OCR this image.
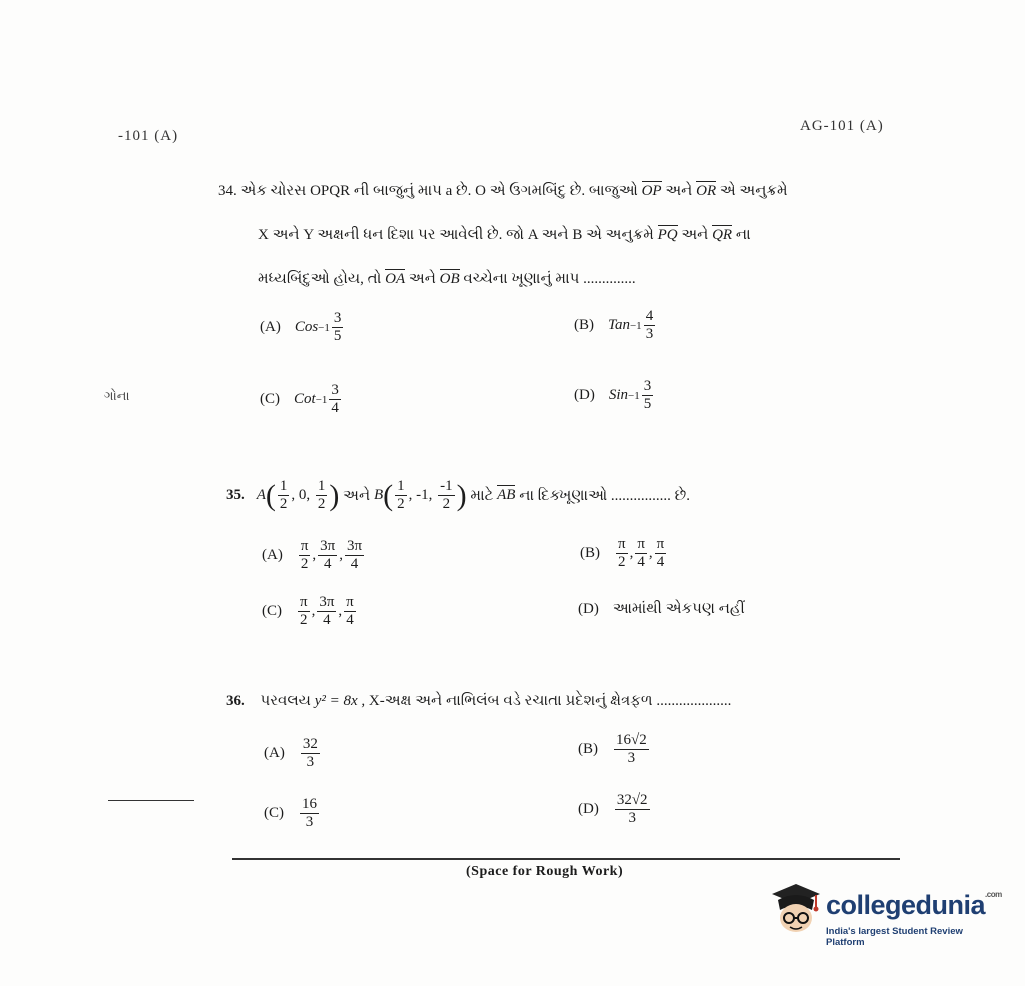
-101 (A)
AG-101 (A)
ગોના
34. એક ચોરસ OPQR ની બાજુનું માપ a છે. O એ ઉગમબિંદુ છે. બાજુઓ OP અને OR એ અનુક્રમે
X અને Y અક્ષની ધન દિશા પર આવેલી છે. જો A અને B એ અનુક્રમે PQ અને QR ના
મધ્યબિંદુઓ હોય, તો OA અને OB વચ્ચેના ખૂણાનું માપ ..............
(A) Cos $-1 \frac{3}{5}$	(B) Tan $-1 \frac{4}{3}$
(C) Cot $-1 \frac{3}{4}$	(D) Sin $-1 \frac{3}{5}$
35. A ( $\frac{1}{2}$ , 0,
$\frac{1}{2}$ )
અને
B ( $\frac{1}{2}$ , -1,
$\frac{-1}{2}$ )
માટે
AB
ના દિક્ખૂણાઓ ................ છે.
$(A) \frac{\pi}{2}$ , $\frac{3\pi}{4}$ , $\frac{3\pi}{4}$	$(B) \frac{\pi}{2}$ , $\frac{\pi}{4}$ , $\frac{\pi}{4}$
$(C) \frac{\pi}{2}$ , $\frac{3\pi}{4}$ , $\frac{\pi}{4}$	(D) આમાંથી એકપણ નહીં
36. પરવલય y² = 8x , X-અક્ષ અને નાભિલંબ વડે રચાતા પ્રદેશનું ક્ષેત્રફળ ....................
$(A) \frac{32}{3}$	$(B) \frac{16√2}{3}$
$(C) \frac{16}{3}$	$(D) \frac{32√2}{3}$
(Space for Rough Work)
collegedunia$^{.com}$
India's largest Student Review Platform
